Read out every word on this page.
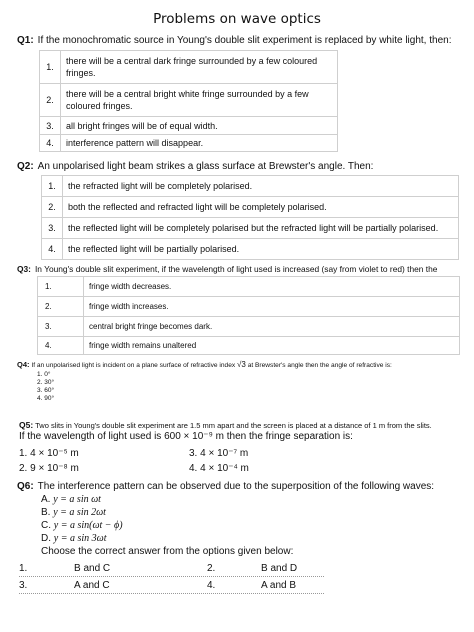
Problems on wave optics
Q1: If the monochromatic source in Young's double slit experiment is replaced by white light, then:
1.	there will be a central dark fringe surrounded by a few coloured fringes.
2.	there will be a central bright white fringe surrounded by a few coloured fringes.
3.	all bright fringes will be of equal width.
4.	interference pattern will disappear.
Q2: An unpolarised light beam strikes a glass surface at Brewster's angle. Then:
1.	the refracted light will be completely polarised.
2.	both the reflected and refracted light will be completely polarised.
3.	the reflected light will be completely polarised but the refracted light will be partially polarised.
4.	the reflected light will be partially polarised.
Q3: In Young's double slit experiment, if the wavelength of light used is increased (say from violet to red) then the
1.	fringe width decreases.
2.	fringe width increases.
3.	central bright fringe becomes dark.
4.	fringe width remains unaltered
Q4: If an unpolarised light is incident on a plane surface of refractive index √3 at Brewster's angle then the angle of refractive is:
1. 0°
2. 30°
3. 60°
4. 90°
Q5: Two slits in Young's double slit experiment are 1.5 mm apart and the screen is placed at a distance of 1 m from the slits.
If the wavelength of light used is 600 × 10⁻⁹ m then the fringe separation is:
1. 4 × 10⁻⁵ m
2. 9 × 10⁻⁸ m
3. 4 × 10⁻⁷ m
4. 4 × 10⁻⁴ m
Q6: The interference pattern can be observed due to the superposition of the following waves:
A. y = a sin ωt
B. y = a sin 2ωt
C. y = a sin(ωt − ϕ)
D. y = a sin 3ωt
Choose the correct answer from the options given below:
1.	B and C	2.	B and D
3.	A and C	4.	A and B
